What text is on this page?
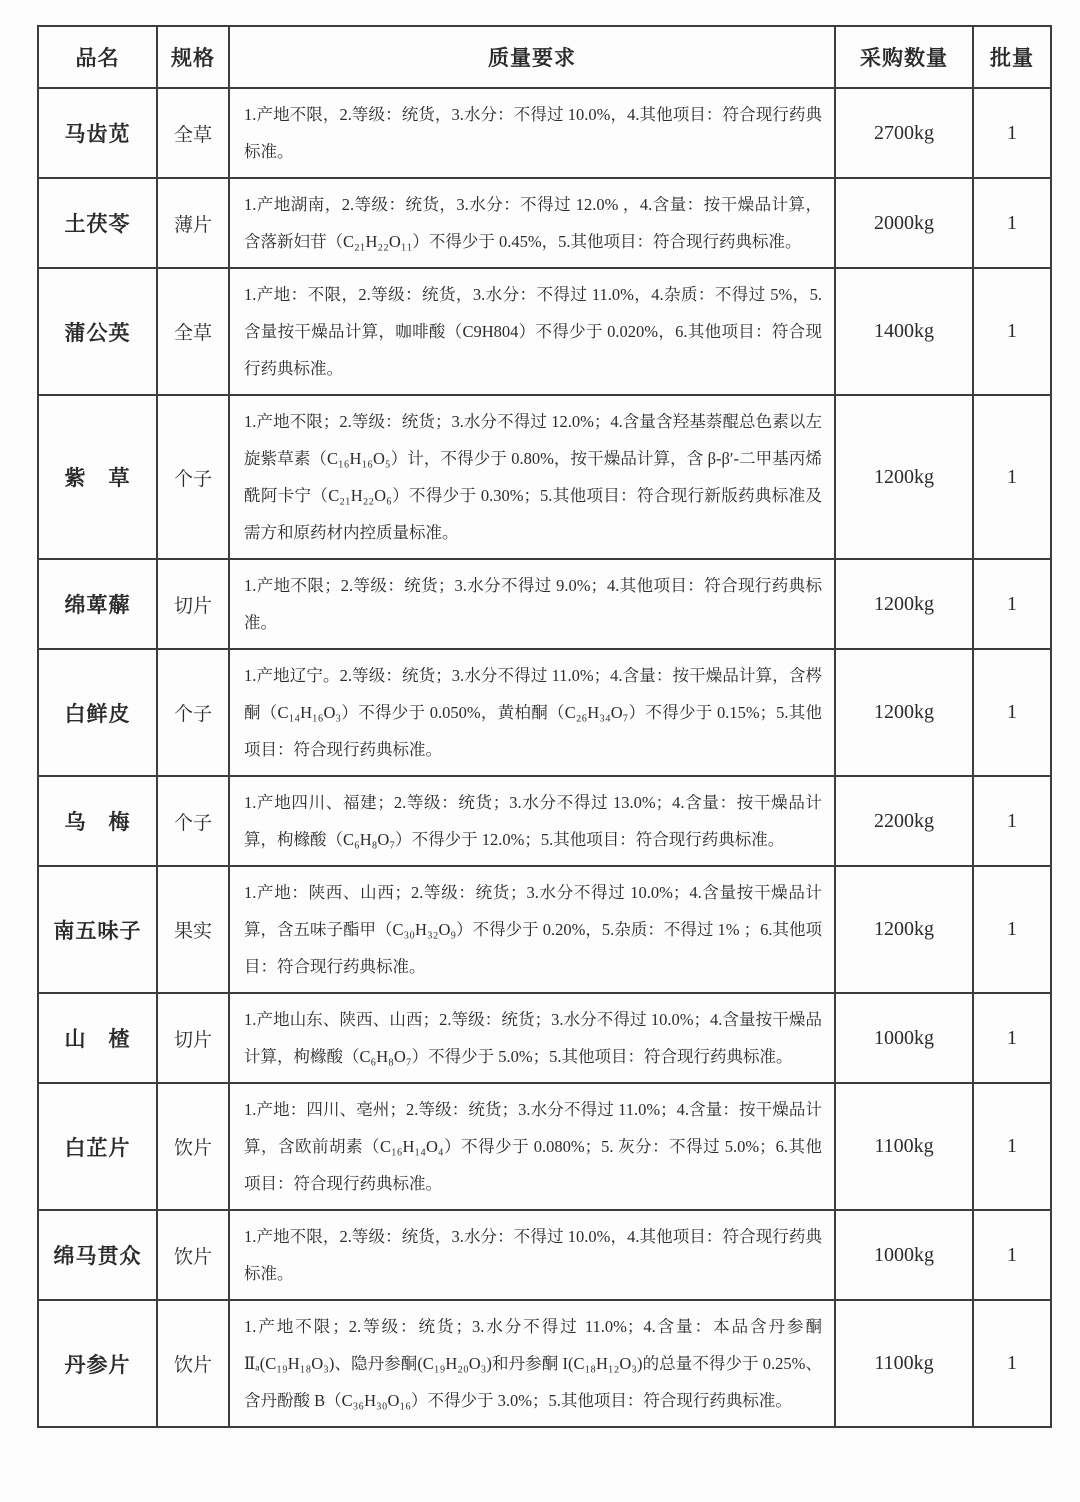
品名	规格	质量要求	采购数量	批量
马齿苋	全草	1.产地不限，2.等级：统货，3.水分：不得过 10.0%，4.其他项目：符合现行药典标准。	2700kg	1
土茯苓	薄片	1.产地湖南，2.等级：统货，3.水分：不得过 12.0% ，4.含量：按干燥品计算，含落新妇苷（C₂₁H₂₂O₁₁）不得少于 0.45%，5.其他项目：符合现行药典标准。	2000kg	1
蒲公英	全草	1.产地：不限，2.等级：统货，3.水分：不得过 11.0%，4.杂质：不得过 5%，5.含量按干燥品计算，咖啡酸（C9H804）不得少于 0.020%，6.其他项目：符合现行药典标准。	1400kg	1
紫　草	个子	1.产地不限；2.等级：统货；3.水分不得过 12.0%；4.含量含羟基萘醌总色素以左旋紫草素（C₁₆H₁₆O₅）计，不得少于 0.80%，按干燥品计算，含 β-β′-二甲基丙烯酰阿卡宁（C₂₁H₂₂O₆）不得少于 0.30%；5.其他项目：符合现行新版药典标准及需方和原药材内控质量标准。	1200kg	1
绵萆薢	切片	1.产地不限；2.等级：统货；3.水分不得过 9.0%；4.其他项目：符合现行药典标准。	1200kg	1
白鲜皮	个子	1.产地辽宁。2.等级：统货；3.水分不得过 11.0%；4.含量：按干燥品计算，含梣酮（C₁₄H₁₆O₃）不得少于 0.050%，黄柏酮（C₂₆H₃₄O₇）不得少于 0.15%；5.其他项目：符合现行药典标准。	1200kg	1
乌　梅	个子	1.产地四川、福建；2.等级：统货；3.水分不得过 13.0%；4.含量：按干燥品计算，枸橼酸（C₆H₈O₇）不得少于 12.0%；5.其他项目：符合现行药典标准。	2200kg	1
南五味子	果实	1.产地：陕西、山西；2.等级：统货；3.水分不得过 10.0%；4.含量按干燥品计算，含五味子酯甲（C₃₀H₃₂O₉）不得少于 0.20%，5.杂质：不得过 1% ；6.其他项目：符合现行药典标准。	1200kg	1
山　楂	切片	1.产地山东、陕西、山西；2.等级：统货；3.水分不得过 10.0%；4.含量按干燥品计算，枸橼酸（C₆H₈O₇）不得少于 5.0%；5.其他项目：符合现行药典标准。	1000kg	1
白芷片	饮片	1.产地：四川、亳州；2.等级：统货；3.水分不得过 11.0%；4.含量：按干燥品计算，含欧前胡素（C₁₆H₁₄O₄）不得少于 0.080%；5. 灰分：不得过 5.0%；6.其他项目：符合现行药典标准。	1100kg	1
绵马贯众	饮片	1.产地不限，2.等级：统货，3.水分：不得过 10.0%，4.其他项目：符合现行药典标准。	1000kg	1
丹参片	饮片	1.产地不限；2.等级：统货；3.水分不得过 11.0%；4.含量：本品含丹参酮Ⅱₐ(C₁₉H₁₈O₃)、隐丹参酮(C₁₉H₂₀O₃)和丹参酮 I(C₁₈H₁₂O₃)的总量不得少于 0.25%、含丹酚酸 B（C₃₆H₃₀O₁₆）不得少于 3.0%；5.其他项目：符合现行药典标准。	1100kg	1
